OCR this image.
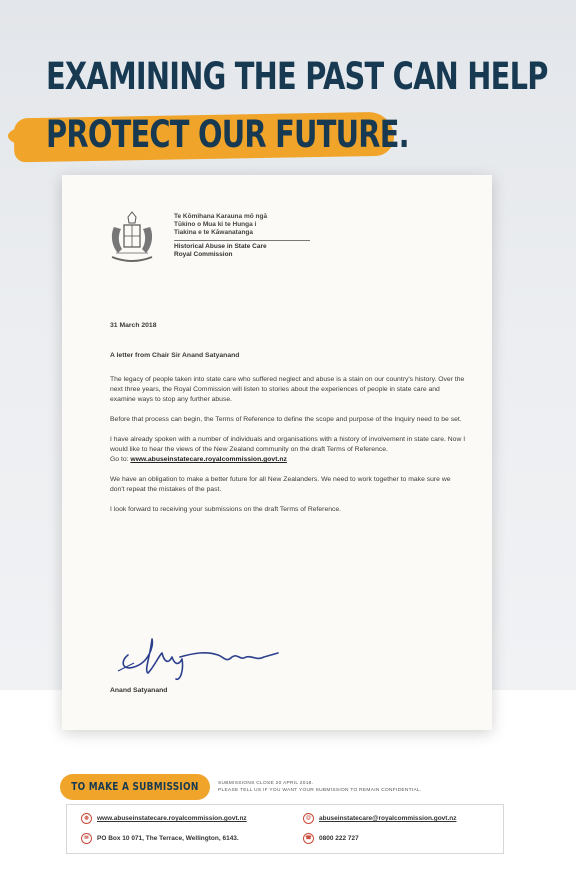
EXAMINING THE PAST CAN HELP
PROTECT OUR FUTURE.
Te Kōmihana Karauna mō ngā
Tūkino o Mua ki te Hunga i
Tiakina e te Kāwanatanga
Historical Abuse in State Care
Royal Commission
31 March 2018
A letter from Chair Sir Anand Satyanand
The legacy of people taken into state care who suffered neglect and abuse is a stain on our country's history. Over the next three years, the Royal Commission will listen to stories about the experiences of people in state care and examine ways to stop any further abuse.
Before that process can begin, the Terms of Reference to define the scope and purpose of the Inquiry need to be set.
I have already spoken with a number of individuals and organisations with a history of involvement in state care. Now I would like to hear the views of the New Zealand community on the draft Terms of Reference.
Go to: www.abuseinstatecare.royalcommission.govt.nz
We have an obligation to make a better future for all New Zealanders. We need to work together to make sure we don't repeat the mistakes of the past.
I look forward to receiving your submissions on the draft Terms of Reference.
Anand Satyanand
TO MAKE A SUBMISSION	SUBMISSIONS CLOSE 20 APRIL 2018.
PLEASE TELL US IF YOU WANT YOUR SUBMISSION TO REMAIN CONFIDENTIAL.
◍ www.abuseinstatecare.royalcommission.govt.nz	@ abuseinstatecare@royalcommission.govt.nz
✉ PO Box 10 071, The Terrace, Wellington, 6143.	☎ 0800 222 727
